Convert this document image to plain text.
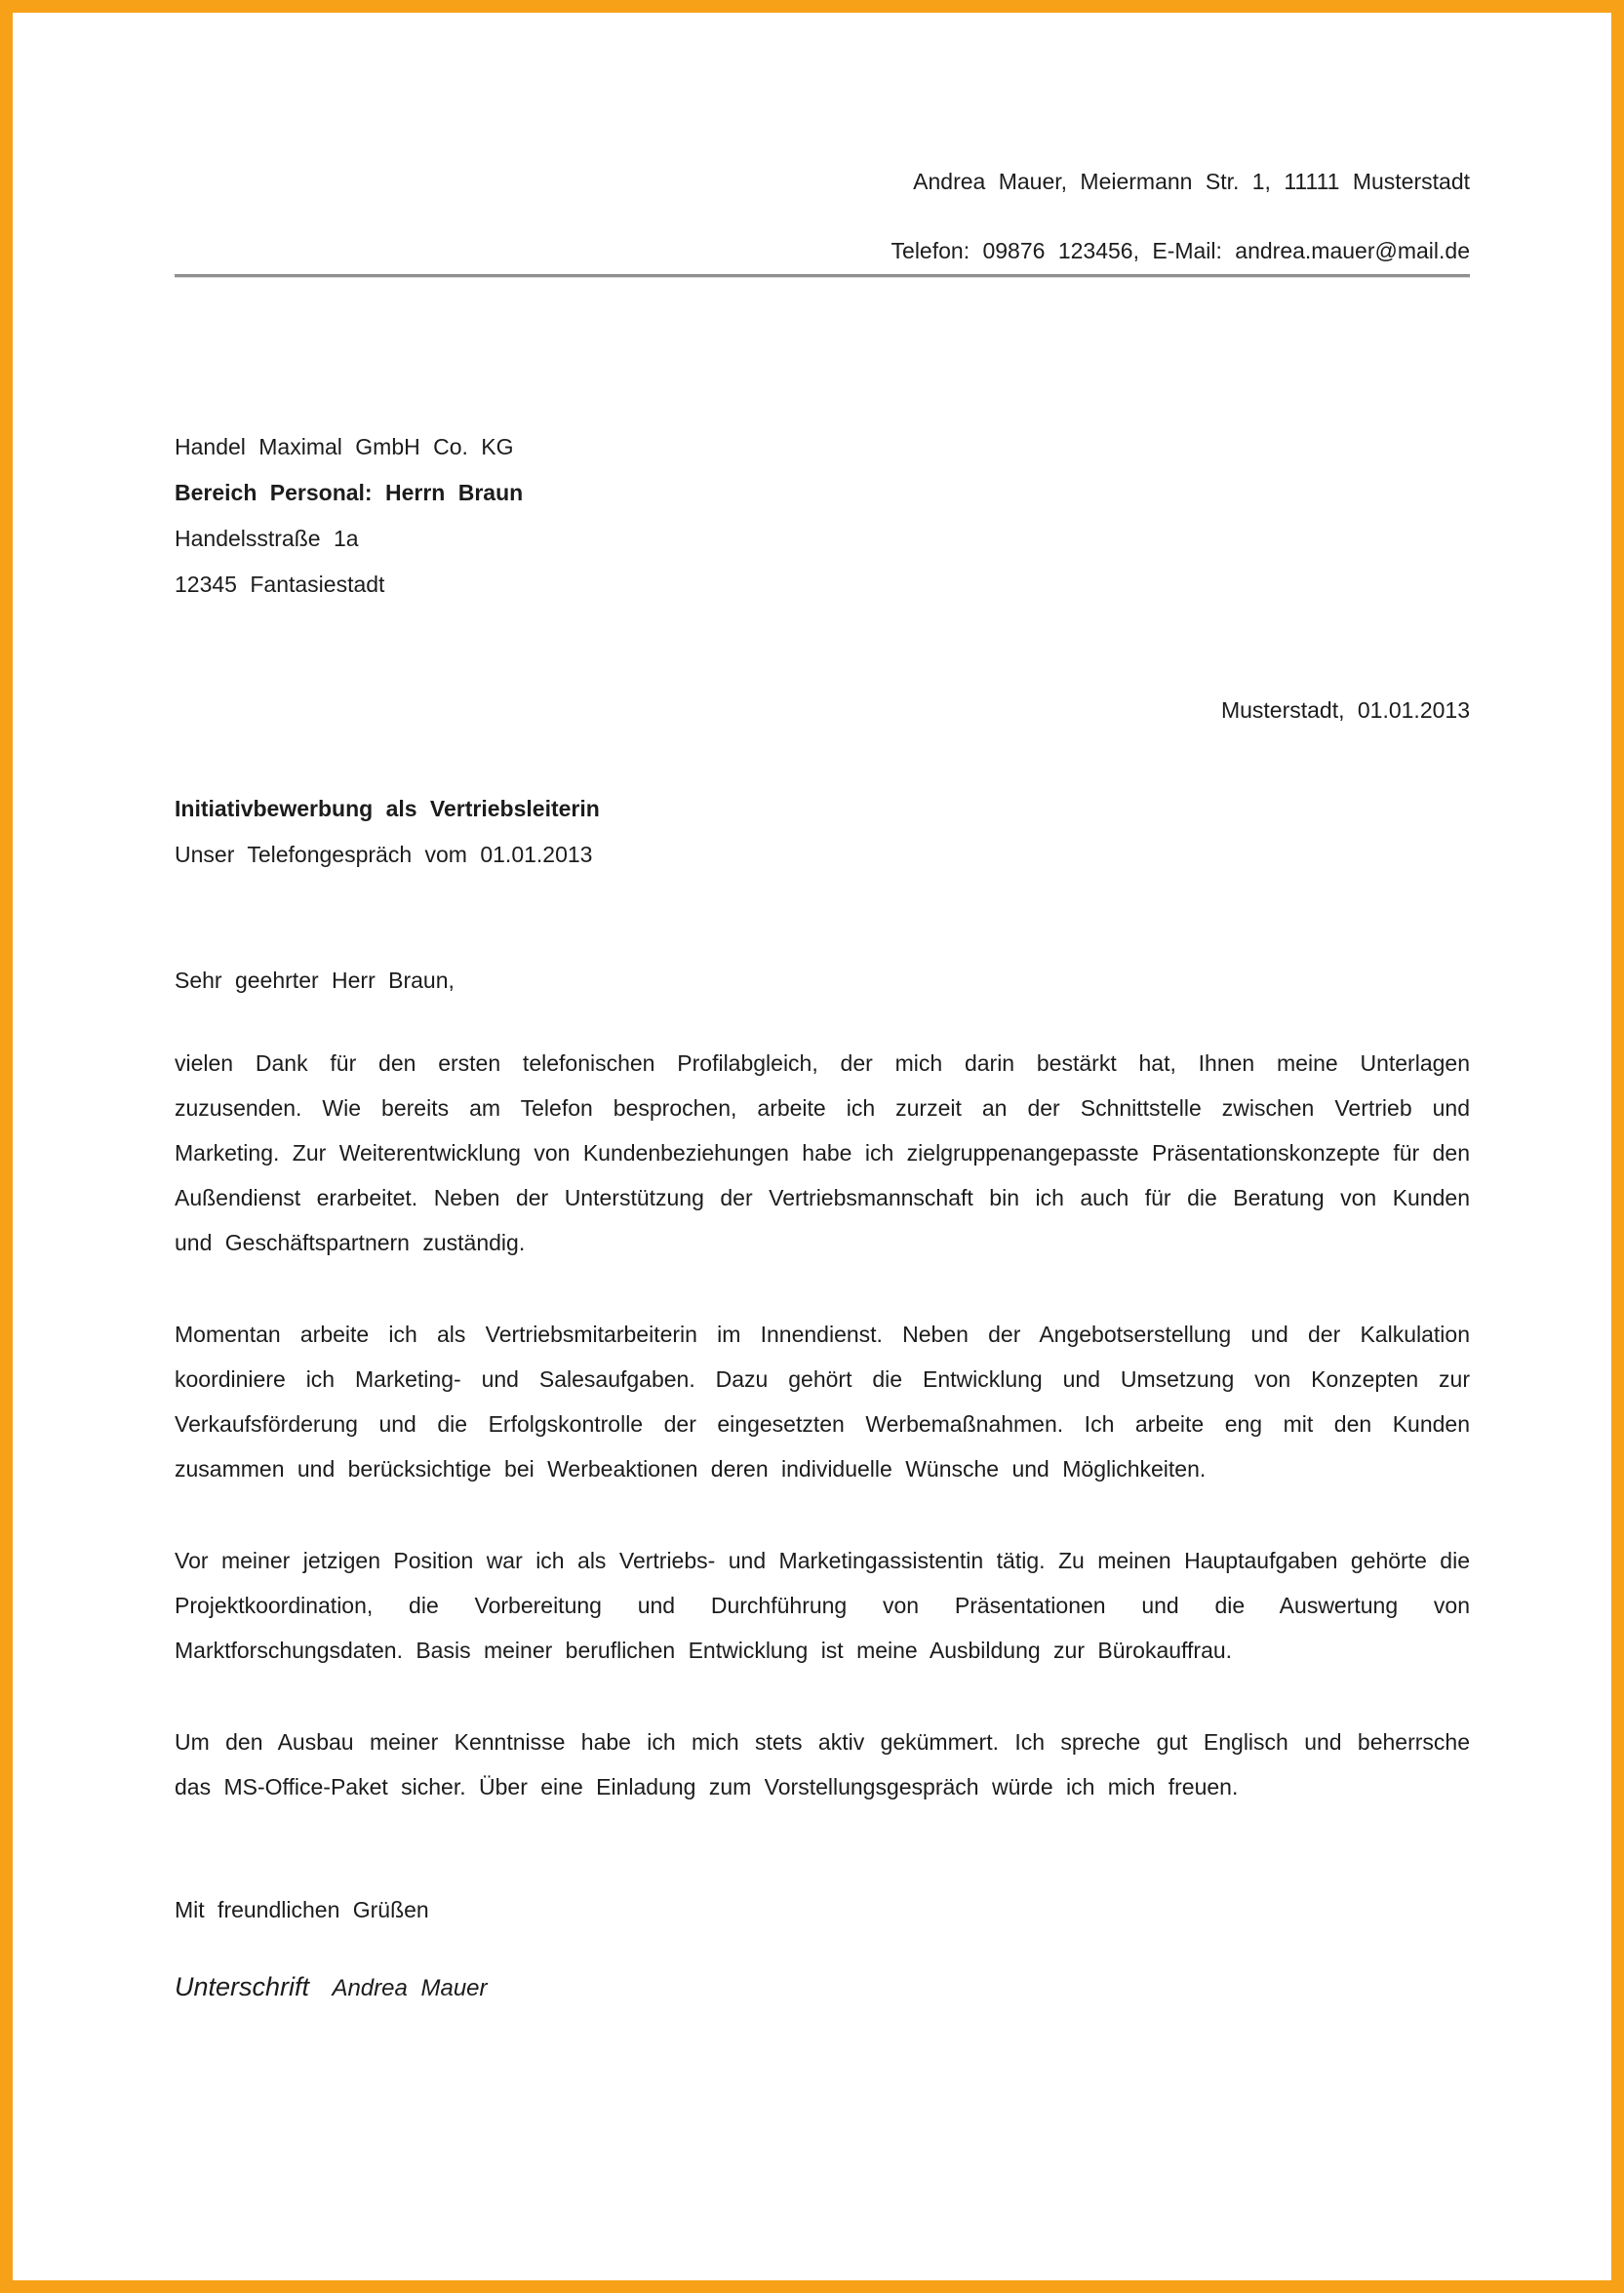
Andrea Mauer, Meiermann Str. 1, 11111 Musterstadt
Telefon: 09876 123456, E-Mail: andrea.mauer@mail.de
Handel Maximal GmbH Co. KG
Bereich Personal: Herrn Braun
Handelsstraße 1a
12345 Fantasiestadt
Musterstadt, 01.01.2013
Initiativbewerbung als Vertriebsleiterin
Unser Telefongespräch vom 01.01.2013
Sehr geehrter Herr Braun,

vielen Dank für den ersten telefonischen Profilabgleich, der mich darin bestärkt hat, Ihnen meine Unterlagen zuzusenden. Wie bereits am Telefon besprochen, arbeite ich zurzeit an der Schnittstelle zwischen Vertrieb und Marketing. Zur Weiterentwicklung von Kundenbeziehungen habe ich zielgruppenangepasste Präsentationskonzepte für den Außendienst erarbeitet. Neben der Unterstützung der Vertriebsmannschaft bin ich auch für die Beratung von Kunden und Geschäftspartnern zuständig.

Momentan arbeite ich als Vertriebsmitarbeiterin im Innendienst. Neben der Angebotserstellung und der Kalkulation koordiniere ich Marketing- und Salesaufgaben. Dazu gehört die Entwicklung und Umsetzung von Konzepten zur Verkaufsförderung und die Erfolgskontrolle der eingesetzten Werbemaßnahmen. Ich arbeite eng mit den Kunden zusammen und berücksichtige bei Werbeaktionen deren individuelle Wünsche und Möglichkeiten.

Vor meiner jetzigen Position war ich als Vertriebs- und Marketingassistentin tätig. Zu meinen Hauptaufgaben gehörte die Projektkoordination, die Vorbereitung und Durchführung von Präsentationen und die Auswertung von Marktforschungsdaten. Basis meiner beruflichen Entwicklung ist meine Ausbildung zur Bürokauffrau.

Um den Ausbau meiner Kenntnisse habe ich mich stets aktiv gekümmert. Ich spreche gut Englisch und beherrsche das MS-Office-Paket sicher. Über eine Einladung zum Vorstellungsgespräch würde ich mich freuen.

Mit freundlichen Grüßen
Unterschrift Andrea Mauer
